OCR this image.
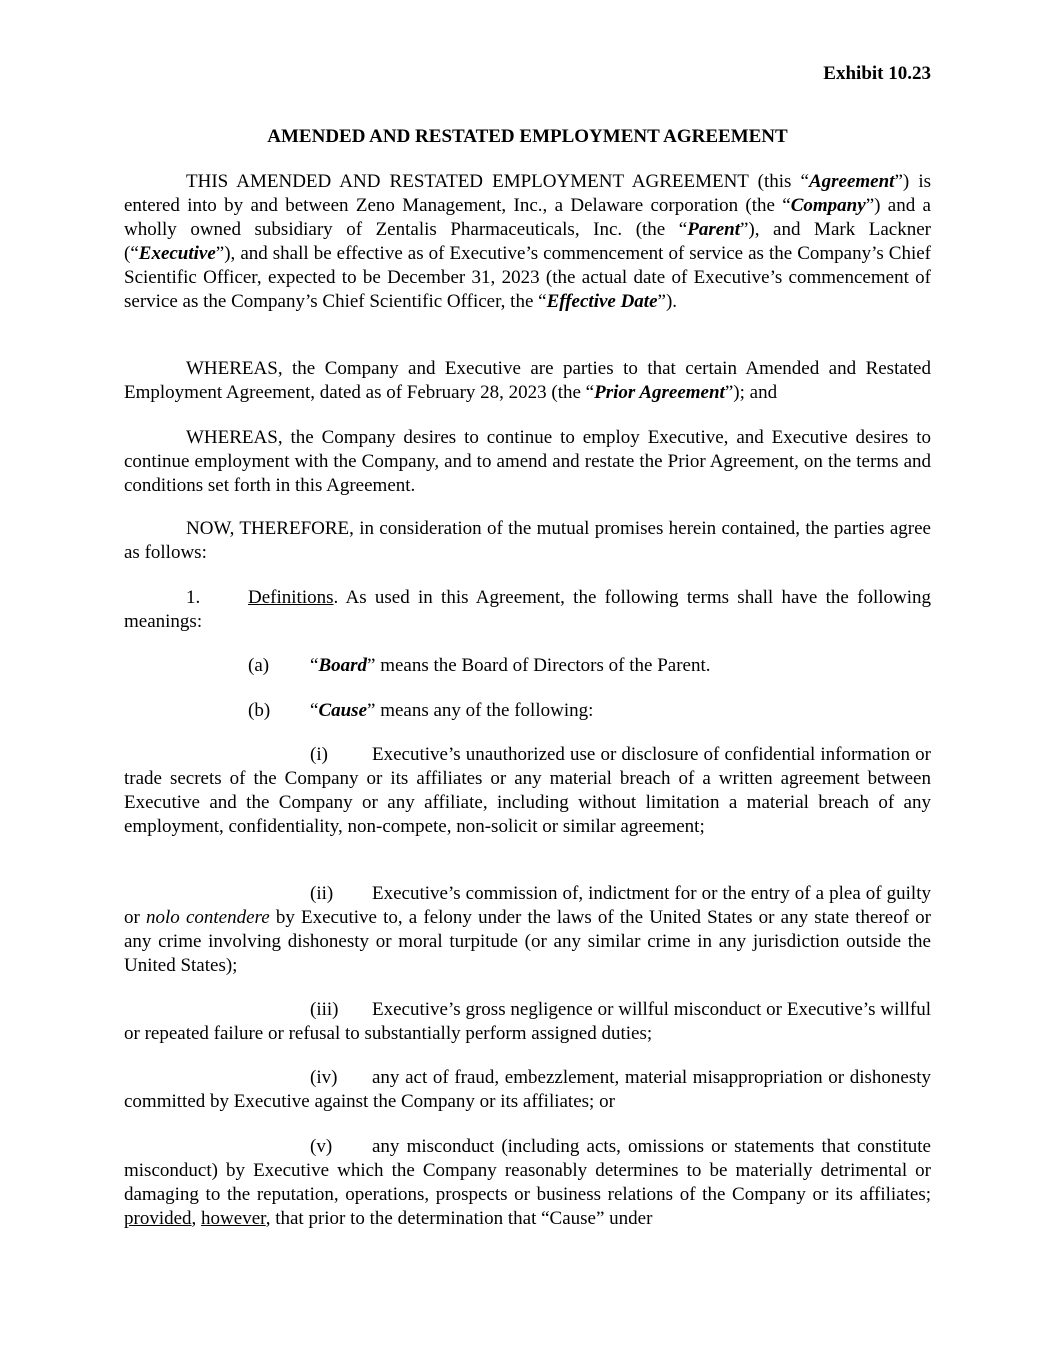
Exhibit 10.23
AMENDED AND RESTATED EMPLOYMENT AGREEMENT

THIS AMENDED AND RESTATED EMPLOYMENT AGREEMENT (this “Agreement”) is entered into by and between Zeno Management, Inc., a Delaware corporation (the “Company”) and a wholly owned subsidiary of Zentalis Pharmaceuticals, Inc. (the “Parent”), and Mark Lackner (“Executive”), and shall be effective as of Executive’s commencement of service as the Company’s Chief Scientific Officer, expected to be December 31, 2023 (the actual date of Executive’s commencement of service as the Company’s Chief Scientific Officer, the “Effective Date”).

WHEREAS, the Company and Executive are parties to that certain Amended and Restated Employment Agreement, dated as of February 28, 2023 (the “Prior Agreement”); and

WHEREAS, the Company desires to continue to employ Executive, and Executive desires to continue employment with the Company, and to amend and restate the Prior Agreement, on the terms and conditions set forth in this Agreement.

NOW, THEREFORE, in consideration of the mutual promises herein contained, the parties agree as follows:

1.	Definitions. As used in this Agreement, the following terms shall have the following meanings:

(a) “Board” means the Board of Directors of the Parent.
(b) “Cause” means any of the following:

(i) Executive’s unauthorized use or disclosure of confidential information or trade secrets of the Company or its affiliates or any material breach of a written agreement between Executive and the Company or any affiliate, including without limitation a material breach of any employment, confidentiality, non-compete, non-solicit or similar agreement;

(ii) Executive’s commission of, indictment for or the entry of a plea of guilty or nolo contendere by Executive to, a felony under the laws of the United States or any state thereof or any crime involving dishonesty or moral turpitude (or any similar crime in any jurisdiction outside the United States);

(iii) Executive’s gross negligence or willful misconduct or Executive’s willful or repeated failure or refusal to substantially perform assigned duties;

(iv) any act of fraud, embezzlement, material misappropriation or dishonesty committed by Executive against the Company or its affiliates; or

(v) any misconduct (including acts, omissions or statements that constitute misconduct) by Executive which the Company reasonably determines to be materially detrimental or damaging to the reputation, operations, prospects or business relations of the Company or its affiliates; provided, however, that prior to the determination that “Cause” under
